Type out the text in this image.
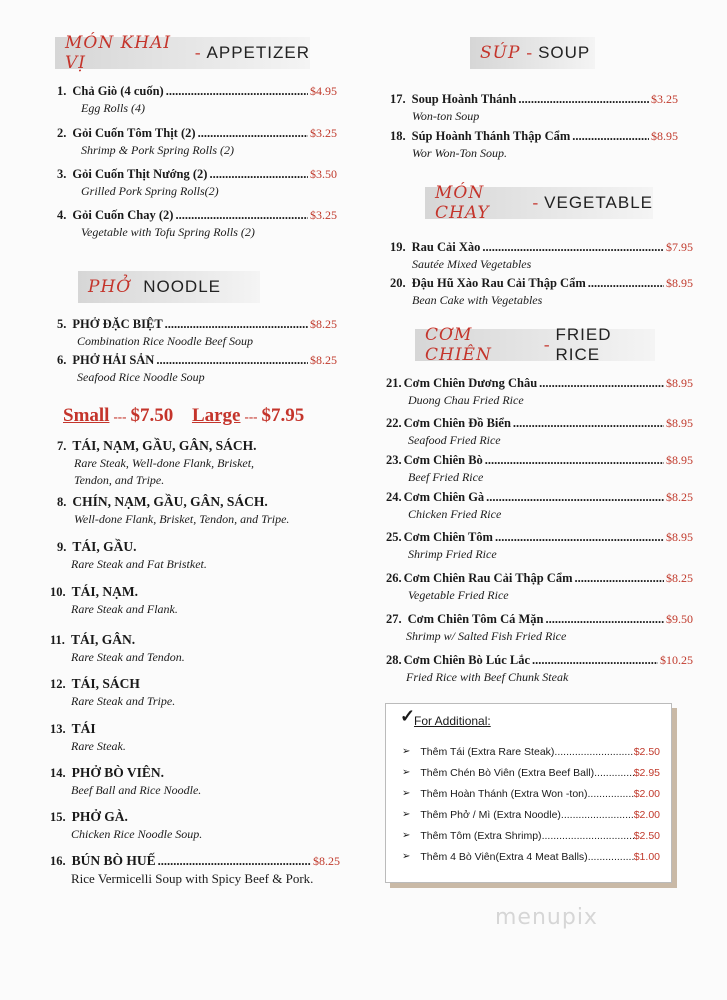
MÓN KHAI VỊ
- APPETIZER
PHỞ NOODLE
SÚP - SOUP
MÓN CHAY
- VEGETABLE
CƠM CHIÊN
-
FRIED RICE
1. Chả Giò (4 cuốn) .....	$4.95
Egg Rolls (4)
2. Gỏi Cuốn Tôm Thịt (2) .....	$3.25
Shrimp & Pork Spring Rolls (2)
3. Gỏi Cuốn Thịt Nướng (2) .....	$3.50
Grilled Pork Spring Rolls(2)
4. Gỏi Cuốn Chay (2) .....	$3.25
Vegetable with Tofu Spring Rolls (2)
5. PHỞ ĐẶC BIỆT .....	$8.25
Combination Rice Noodle Beef Soup
6. PHỞ HẢI SẢN .....	$8.25
Seafood Rice Noodle Soup
Small --- $7.50 Large --- $7.95
7. TÁI, NẠM, GẦU, GÂN, SÁCH.
Rare Steak, Well-done Flank, Brisket,
Tendon, and Tripe.
8. CHÍN, NẠM, GẦU, GÂN, SÁCH.
Well-done Flank, Brisket, Tendon, and Tripe.
9. TÁI, GẦU.
Rare Steak and Fat Bristket.
10. TÁI, NẠM.
Rare Steak and Flank.
11. TÁI, GÂN.
Rare Steak and Tendon.
12. TÁI, SÁCH
Rare Steak and Tripe.
13. TÁI
Rare Steak.
14. PHỞ BÒ VIÊN.
Beef Ball and Rice Noodle.
15. PHỞ GÀ.
Chicken Rice Noodle Soup.
16. BÚN BÒ HUẾ .....	$8.25
Rice Vermicelli Soup with Spicy Beef & Pork.
17. Soup Hoành Thánh .....	$3.25
Won-ton Soup
18. Súp Hoành Thánh Thập Cẩm .....	$8.95
Wor Won-Ton Soup.
19. Rau Cải Xào .....	$7.95
Sautée Mixed Vegetables
20. Đậu Hũ Xào Rau Cải Thập Cẩm .....	$8.95
Bean Cake with Vegetables
21. Cơm Chiên Dương Châu .....	$8.95
Duong Chau Fried Rice
22. Cơm Chiên Đồ Biển .....	$8.95
Seafood Fried Rice
23. Cơm Chiên Bò .....	$8.95
Beef Fried Rice
24. Cơm Chiên Gà .....	$8.25
Chicken Fried Rice
25. Cơm Chiên Tôm .....	$8.95
Shrimp Fried Rice
26. Cơm Chiên Rau Cải Thập Cẩm .....	$8.25
Vegetable Fried Rice
27. Cơm Chiên Tôm Cá Mặn .....	$9.50
Shrimp w/ Salted Fish Fried Rice
28. Cơm Chiên Bò Lúc Lắc .....	$10.25
Fried Rice with Beef Chunk Steak
✓
For Additional:
➢ Thêm Tái (Extra Rare Steak) .....	$2.50
➢ Thêm Chén Bò Viên (Extra Beef Ball) .....	$2.95
➢ Thêm Hoàn Thánh (Extra Won -ton) .....	$2.00
➢ Thêm Phở / Mì (Extra Noodle) .....	$2.00
➢ Thêm Tôm (Extra Shrimp) .....	$2.50
➢ Thêm 4 Bò Viên(Extra 4 Meat Balls) .....	$1.00
menupix
